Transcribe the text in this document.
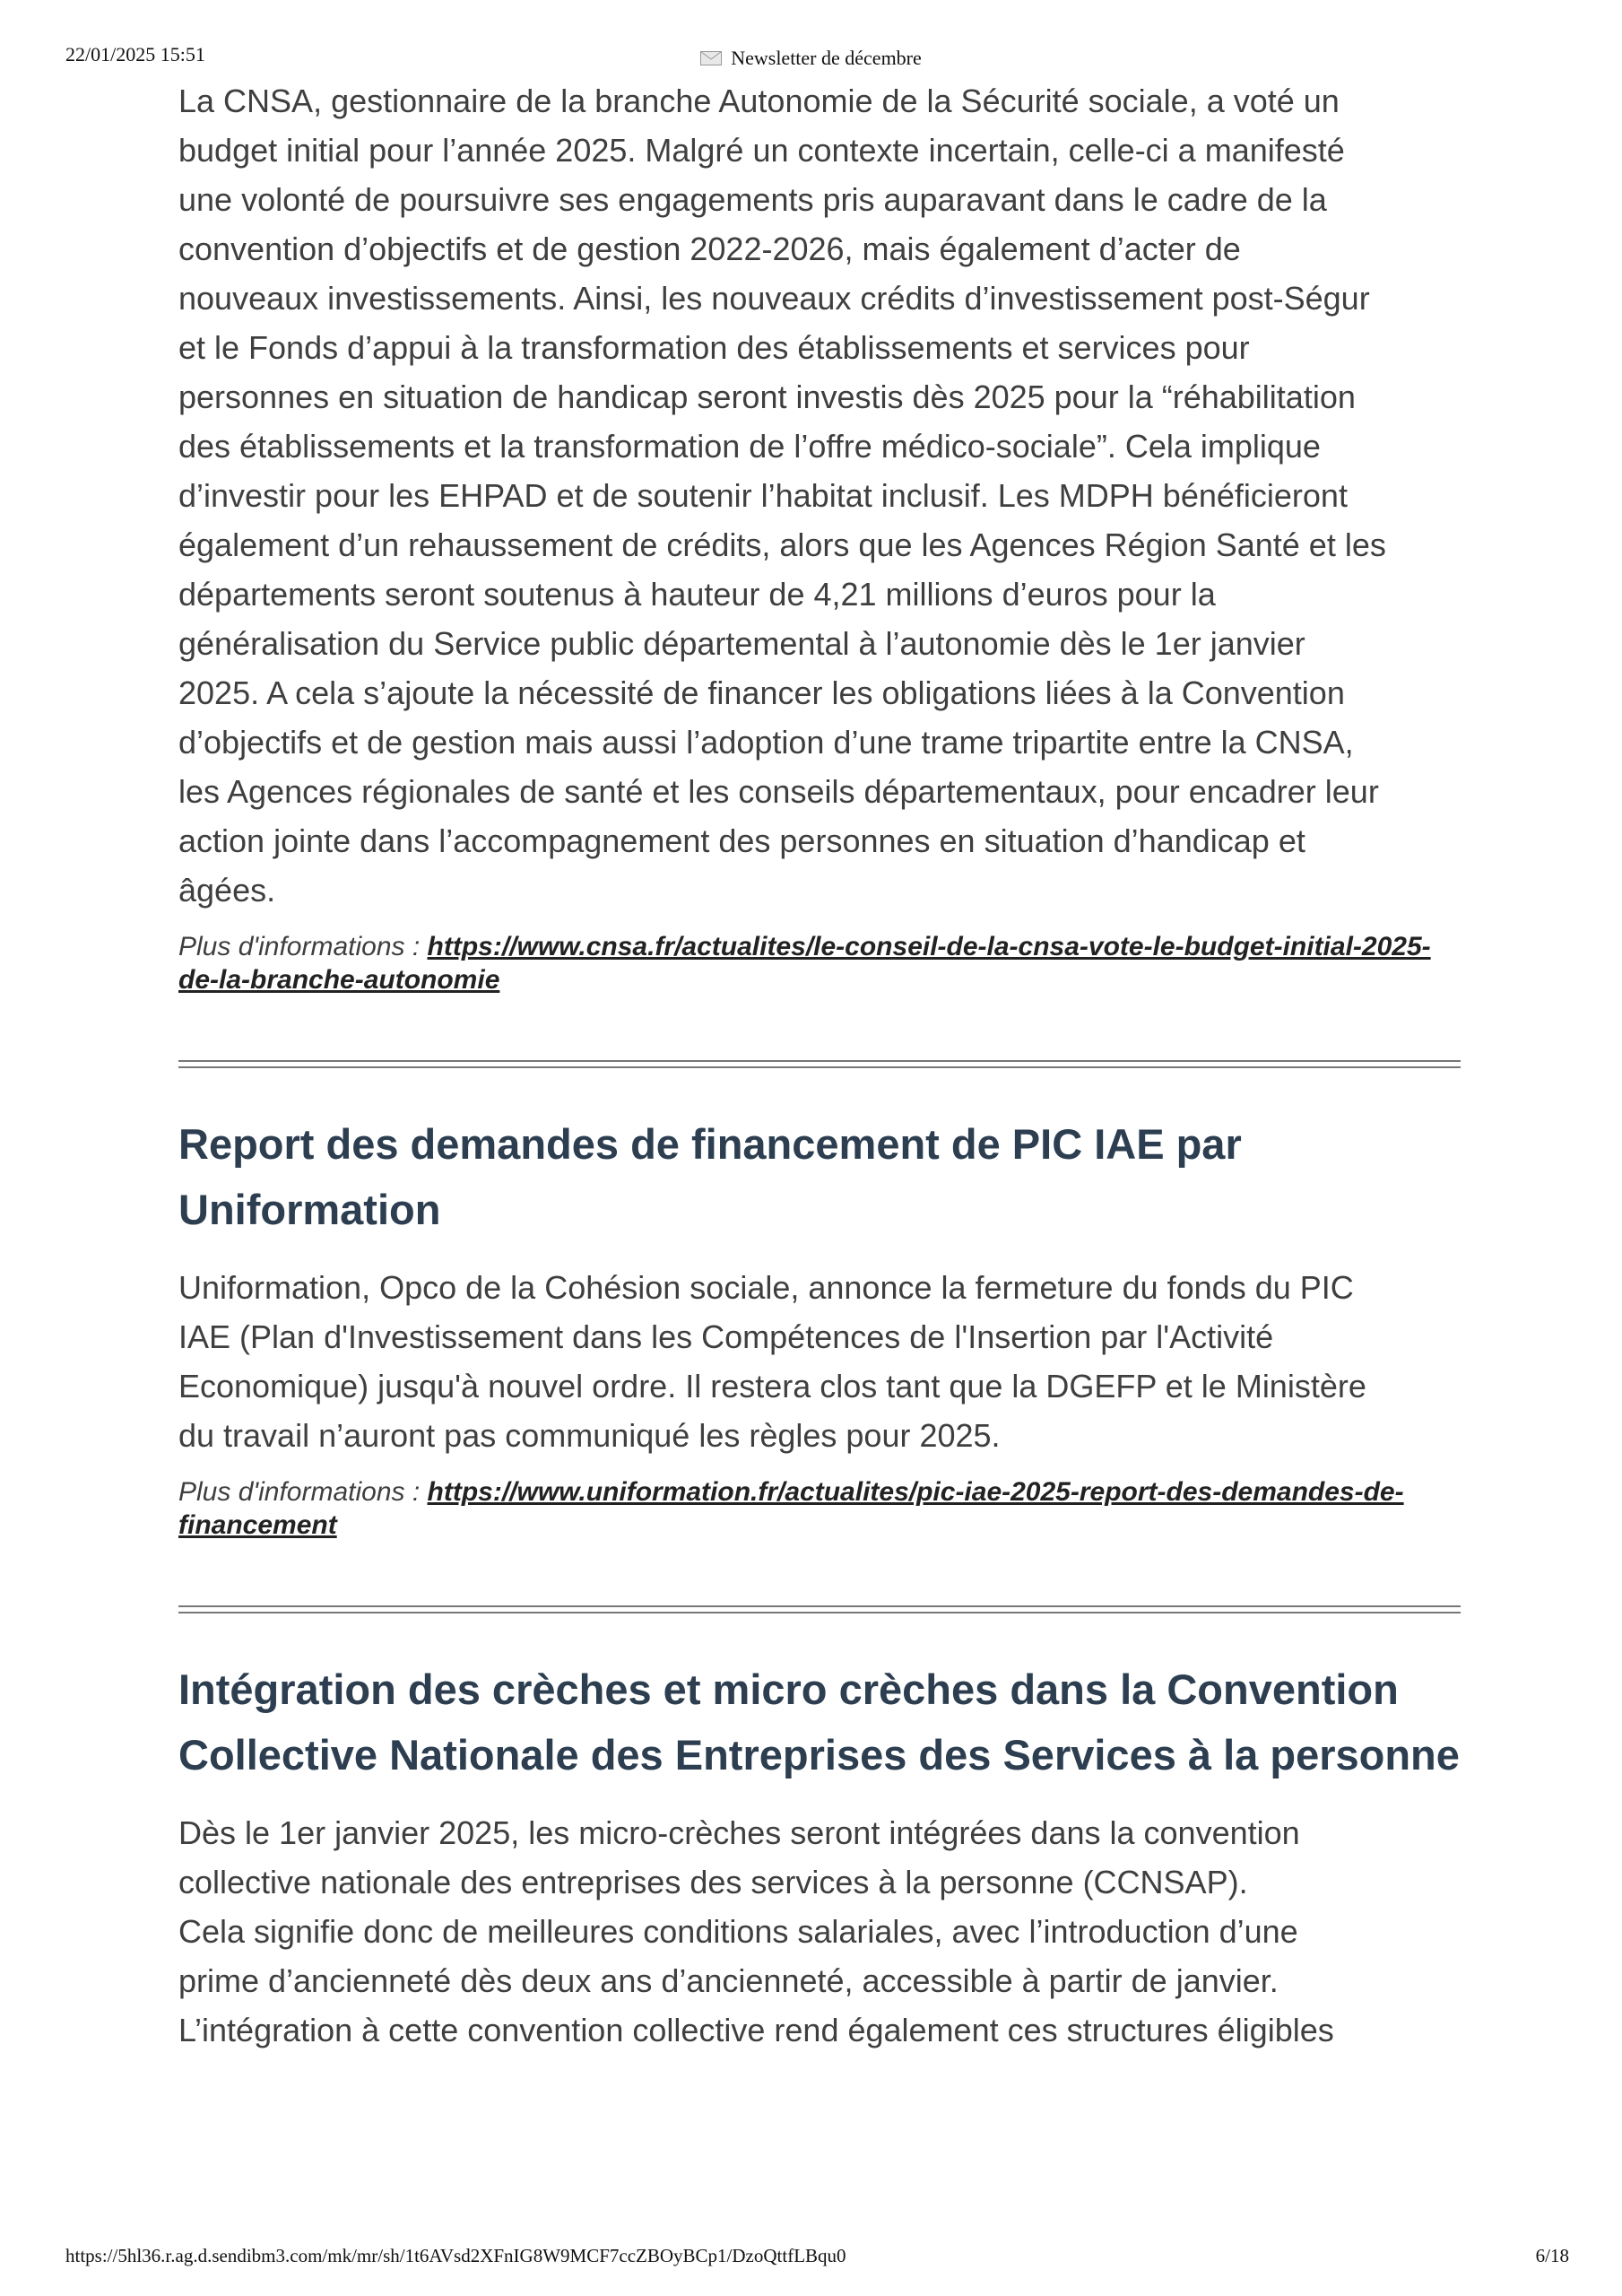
22/01/2025 15:51	Newsletter de décembre

La CNSA, gestionnaire de la branche Autonomie de la Sécurité sociale, a voté un
budget initial pour l’année 2025. Malgré un contexte incertain, celle-ci a manifesté
une volonté de poursuivre ses engagements pris auparavant dans le cadre de la
convention d’objectifs et de gestion 2022-2026, mais également d’acter de
nouveaux investissements. Ainsi, les nouveaux crédits d’investissement post-Ségur
et le Fonds d’appui à la transformation des établissements et services pour
personnes en situation de handicap seront investis dès 2025 pour la “réhabilitation
des établissements et la transformation de l’offre médico-sociale”. Cela implique
d’investir pour les EHPAD et de soutenir l’habitat inclusif. Les MDPH bénéficieront
également d’un rehaussement de crédits, alors que les Agences Région Santé et les
départements seront soutenus à hauteur de 4,21 millions d’euros pour la
généralisation du Service public départemental à l’autonomie dès le 1er janvier
2025. A cela s’ajoute la nécessité de financer les obligations liées à la Convention
d’objectifs et de gestion mais aussi l’adoption d’une trame tripartite entre la CNSA,
les Agences régionales de santé et les conseils départementaux, pour encadrer leur
action jointe dans l’accompagnement des personnes en situation d’handicap et
âgées.

Plus d'informations : https://www.cnsa.fr/actualites/le-conseil-de-la-cnsa-vote-le-budget-initial-2025-de-la-branche-autonomie

Report des demandes de financement de PIC IAE par Uniformation

Uniformation, Opco de la Cohésion sociale, annonce la fermeture du fonds du PIC
IAE (Plan d'Investissement dans les Compétences de l'Insertion par l'Activité
Economique) jusqu'à nouvel ordre. Il restera clos tant que la DGEFP et le Ministère
du travail n’auront pas communiqué les règles pour 2025.

Plus d'informations : https://www.uniformation.fr/actualites/pic-iae-2025-report-des-demandes-de-financement

Intégration des crèches et micro crèches dans la Convention Collective Nationale des Entreprises des Services à la personne

Dès le 1er janvier 2025, les micro-crèches seront intégrées dans la convention
collective nationale des entreprises des services à la personne (CCNSAP).
Cela signifie donc de meilleures conditions salariales, avec l’introduction d’une
prime d’ancienneté dès deux ans d’ancienneté, accessible à partir de janvier.
L’intégration à cette convention collective rend également ces structures éligibles

https://5hl36.r.ag.d.sendibm3.com/mk/mr/sh/1t6AVsd2XFnIG8W9MCF7ccZBOyBCp1/DzoQttfLBqu0	6/18
